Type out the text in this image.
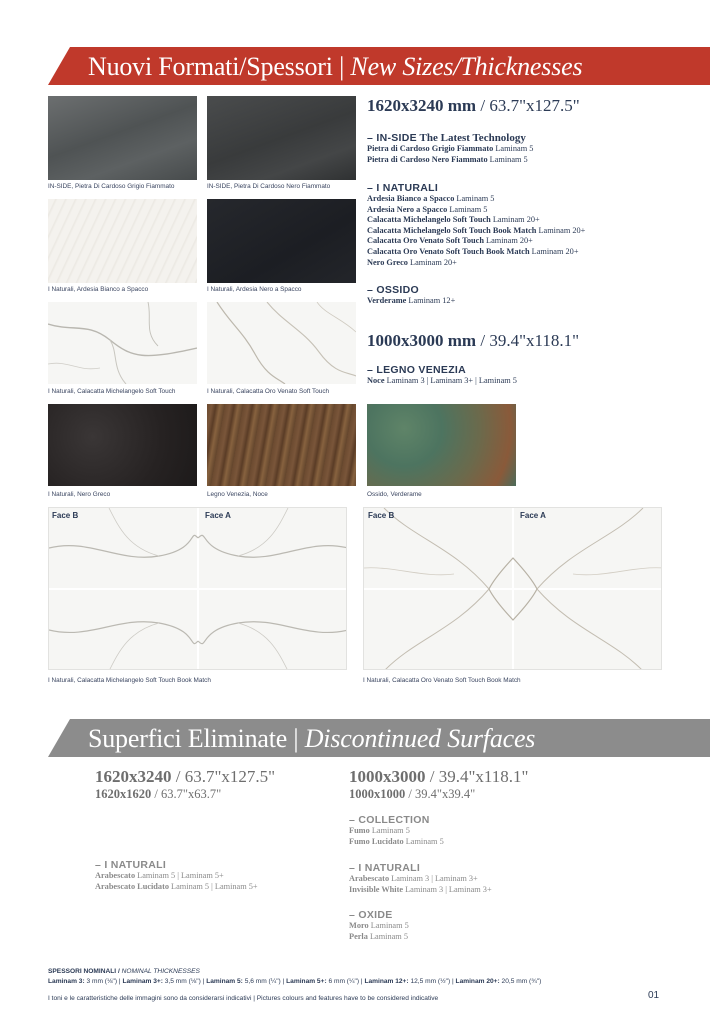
Nuovi Formati/Spessori | New Sizes/Thicknesses
IN-SIDE, Pietra Di Cardoso Grigio Fiammato	IN-SIDE, Pietra Di Cardoso Nero Fiammato
I Naturali, Ardesia Bianco a Spacco	I Naturali, Ardesia Nero a Spacco
I Naturali, Calacatta Michelangelo Soft Touch	I Naturali, Calacatta Oro Venato Soft Touch
I Naturali, Nero Greco	Legno Venezia, Noce	Ossido, Verderame
Face B	Face A
I Naturali, Calacatta Michelangelo Soft Touch Book Match
Face B	Face A
I Naturali, Calacatta Oro Venato Soft Touch Book Match
1620x3240 mm / 63.7"x127.5"
– IN-SIDE The Latest Technology
Pietra di Cardoso Grigio Fiammato Laminam 5
Pietra di Cardoso Nero Fiammato Laminam 5
– I NATURALI
Ardesia Bianco a Spacco Laminam 5
Ardesia Nero a Spacco Laminam 5
Calacatta Michelangelo Soft Touch Laminam 20+
Calacatta Michelangelo Soft Touch Book Match Laminam 20+
Calacatta Oro Venato Soft Touch Laminam 20+
Calacatta Oro Venato Soft Touch Book Match Laminam 20+
Nero Greco Laminam 20+
– OSSIDO
Verderame Laminam 12+
1000x3000 mm / 39.4"x118.1"
– LEGNO VENEZIA
Noce Laminam 3 | Laminam 3+ | Laminam 5
Superfici Eliminate | Discontinued Surfaces
1620x3240 / 63.7"x127.5"
1620x1620 / 63.7"x63.7"
– I NATURALI
Arabescato Laminam 5 | Laminam 5+
Arabescato Lucidato Laminam 5 | Laminam 5+
1000x3000 / 39.4"x118.1"
1000x1000 / 39.4"x39.4"
– COLLECTION
Fumo Laminam 5
Fumo Lucidato Laminam 5
– I NATURALI
Arabescato Laminam 3 | Laminam 3+
Invisible White Laminam 3 | Laminam 3+
– OXIDE
Moro Laminam 5
Perla Laminam 5
SPESSORI NOMINALI / NOMINAL THICKNESSES
Laminam 3: 3 mm (⅛") | Laminam 3+: 3,5 mm (⅛") | Laminam 5: 5,6 mm (¼") | Laminam 5+: 6 mm (¼") | Laminam 12+: 12,5 mm (½") | Laminam 20+: 20,5 mm (¾")
I toni e le caratteristiche delle immagini sono da considerarsi indicativi | Pictures colours and features have to be considered indicative	01
